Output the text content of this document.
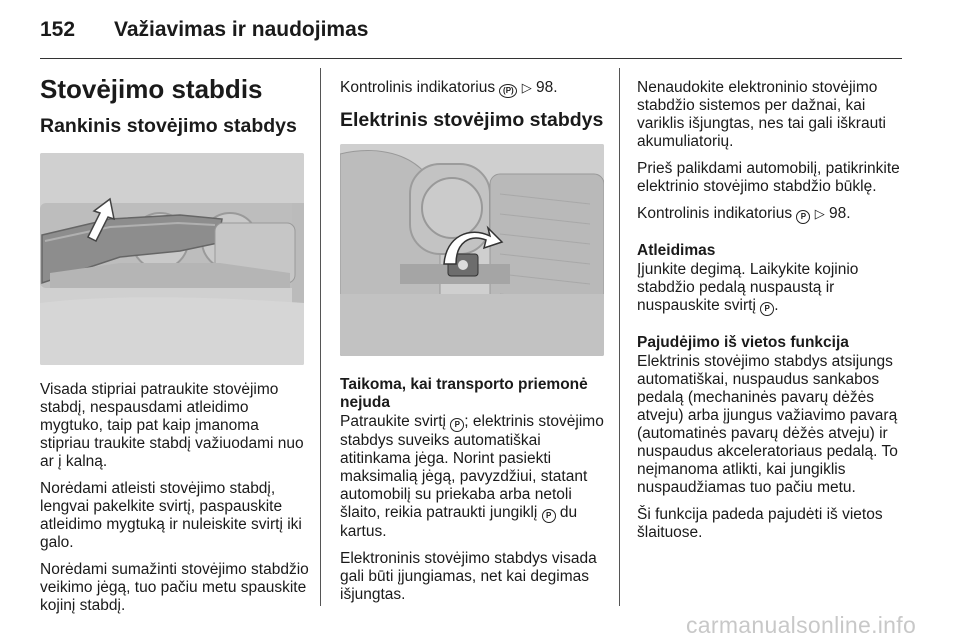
152 Važiavimas ir naudojimas
Stovėjimo stabdis
Rankinis stovėjimo stabdys

Visada stipriai patraukite stovėjimo stabdį, nespausdami atleidimo mygtuko, taip pat kaip įmanoma stipriau traukite stabdį važiuodami nuo ar į kalną.

Norėdami atleisti stovėjimo stabdį, lengvai pakelkite svirtį, paspauskite atleidimo mygtuką ir nuleiskite svirtį iki galo.

Norėdami sumažinti stovėjimo stabdžio veikimo jėgą, tuo pačiu metu spauskite kojinį stabdį.

Kontrolinis indikatorius (P) ▷ 98.

Elektrinis stovėjimo stabdys
Taikoma, kai transporto priemonė nejuda

Patraukite svirtį P ; elektrinis stovėjimo stabdys suveiks automatiškai atitinkama jėga. Norint pasiekti maksimalią jėgą, pavyzdžiui, statant automobilį su priekaba arba netoli šlaito, reikia patraukti jungiklį P du kartus.

Elektroninis stovėjimo stabdys visada gali būti įjungiamas, net kai degimas išjungtas.

Nenaudokite elektroninio stovėjimo stabdžio sistemos per dažnai, kai variklis išjungtas, nes tai gali iškrauti akumuliatorių.

Prieš palikdami automobilį, patikrinkite elektrinio stovėjimo stabdžio būklę.

Kontrolinis indikatorius P ▷ 98.

Atleidimas

Įjunkite degimą. Laikykite kojinio stabdžio pedalą nuspaustą ir nuspauskite svirtį P .

Pajudėjimo iš vietos funkcija

Elektrinis stovėjimo stabdys atsijungs automatiškai, nuspaudus sankabos pedalą (mechaninės pavarų dėžės atveju) arba įjungus važiavimo pavarą (automatinės pavarų dėžės atveju) ir nuspaudus akceleratoriaus pedalą. To neįmanoma atlikti, kai jungiklis nuspaudžiamas tuo pačiu metu.

Ši funkcija padeda pajudėti iš vietos šlaituose.

carmanualsonline.info
